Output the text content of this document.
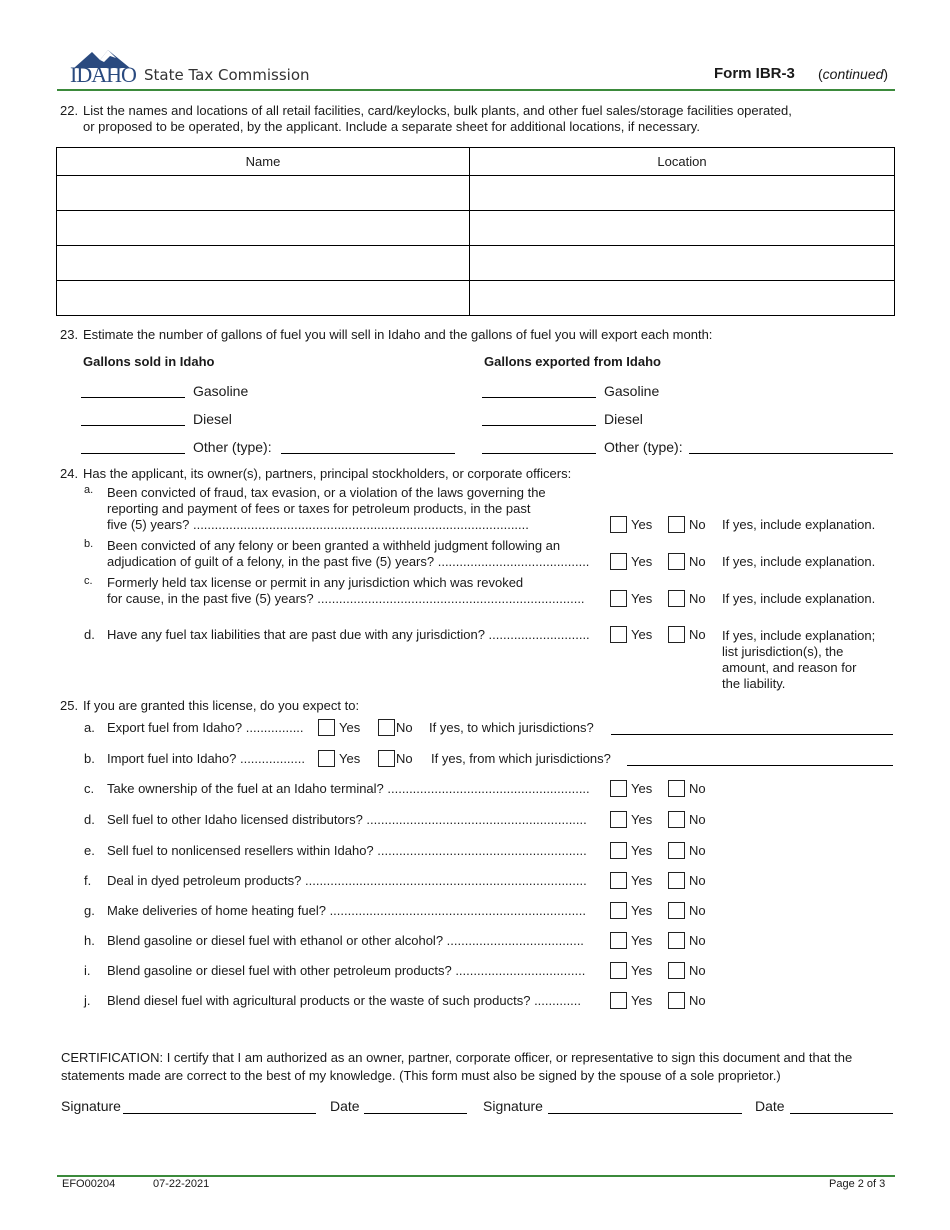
IDAHO State Tax Commission	Form IBR-3 (continued)
22. List the names and locations of all retail facilities, card/keylocks, bulk plants, and other fuel sales/storage facilities operated,
or proposed to be operated, by the applicant. Include a separate sheet for additional locations, if necessary.
Name	Location

23. Estimate the number of gallons of fuel you will sell in Idaho and the gallons of fuel you will export each month:
Gallons sold in Idaho	Gallons exported from Idaho
Gasoline
Diesel
Other (type):
Gasoline
Diesel
Other (type):
24. Has the applicant, its owner(s), partners, principal stockholders, or corporate officers:
a. Been convicted of fraud, tax evasion, or a violation of the laws governing the
reporting and payment of fees or taxes for petroleum products, in the past
five (5) years? .............................................................................................	Yes	No If yes, include explanation.
b. Been convicted of any felony or been granted a withheld judgment following an
adjudication of guilt of a felony, in the past five (5) years? ..........................................	Yes	No If yes, include explanation.
c. Formerly held tax license or permit in any jurisdiction which was revoked
for cause, in the past five (5) years? ..........................................................................	Yes	No If yes, include explanation.
d. Have any fuel tax liabilities that are past due with any jurisdiction? ............................	Yes	No If yes, include explanation;
list jurisdiction(s), the
amount, and reason for
the liability.
25. If you are granted this license, do you expect to:
a. Export fuel from Idaho? ................	Yes	No If yes, to which jurisdictions?
b. Import fuel into Idaho? ..................	Yes	No If yes, from which jurisdictions?
c. Take ownership of the fuel at an Idaho terminal? ........................................................	Yes	No
d. Sell fuel to other Idaho licensed distributors? .............................................................	Yes	No
e. Sell fuel to nonlicensed resellers within Idaho? ..........................................................	Yes	No
f. Deal in dyed petroleum products? ..............................................................................	Yes	No
g. Make deliveries of home heating fuel? .......................................................................	Yes	No
h. Blend gasoline or diesel fuel with ethanol or other alcohol? ......................................	Yes	No
i. Blend gasoline or diesel fuel with other petroleum products? ....................................	Yes	No
j. Blend diesel fuel with agricultural products or the waste of such products? .............	Yes	No
CERTIFICATION: I certify that I am authorized as an owner, partner, corporate officer, or representative to sign this document and that the
statements made are correct to the best of my knowledge. (This form must also be signed by the spouse of a sole proprietor.)
Signature	Date	Signature	Date
EFO00204	07-22-2021	Page 2 of 3
